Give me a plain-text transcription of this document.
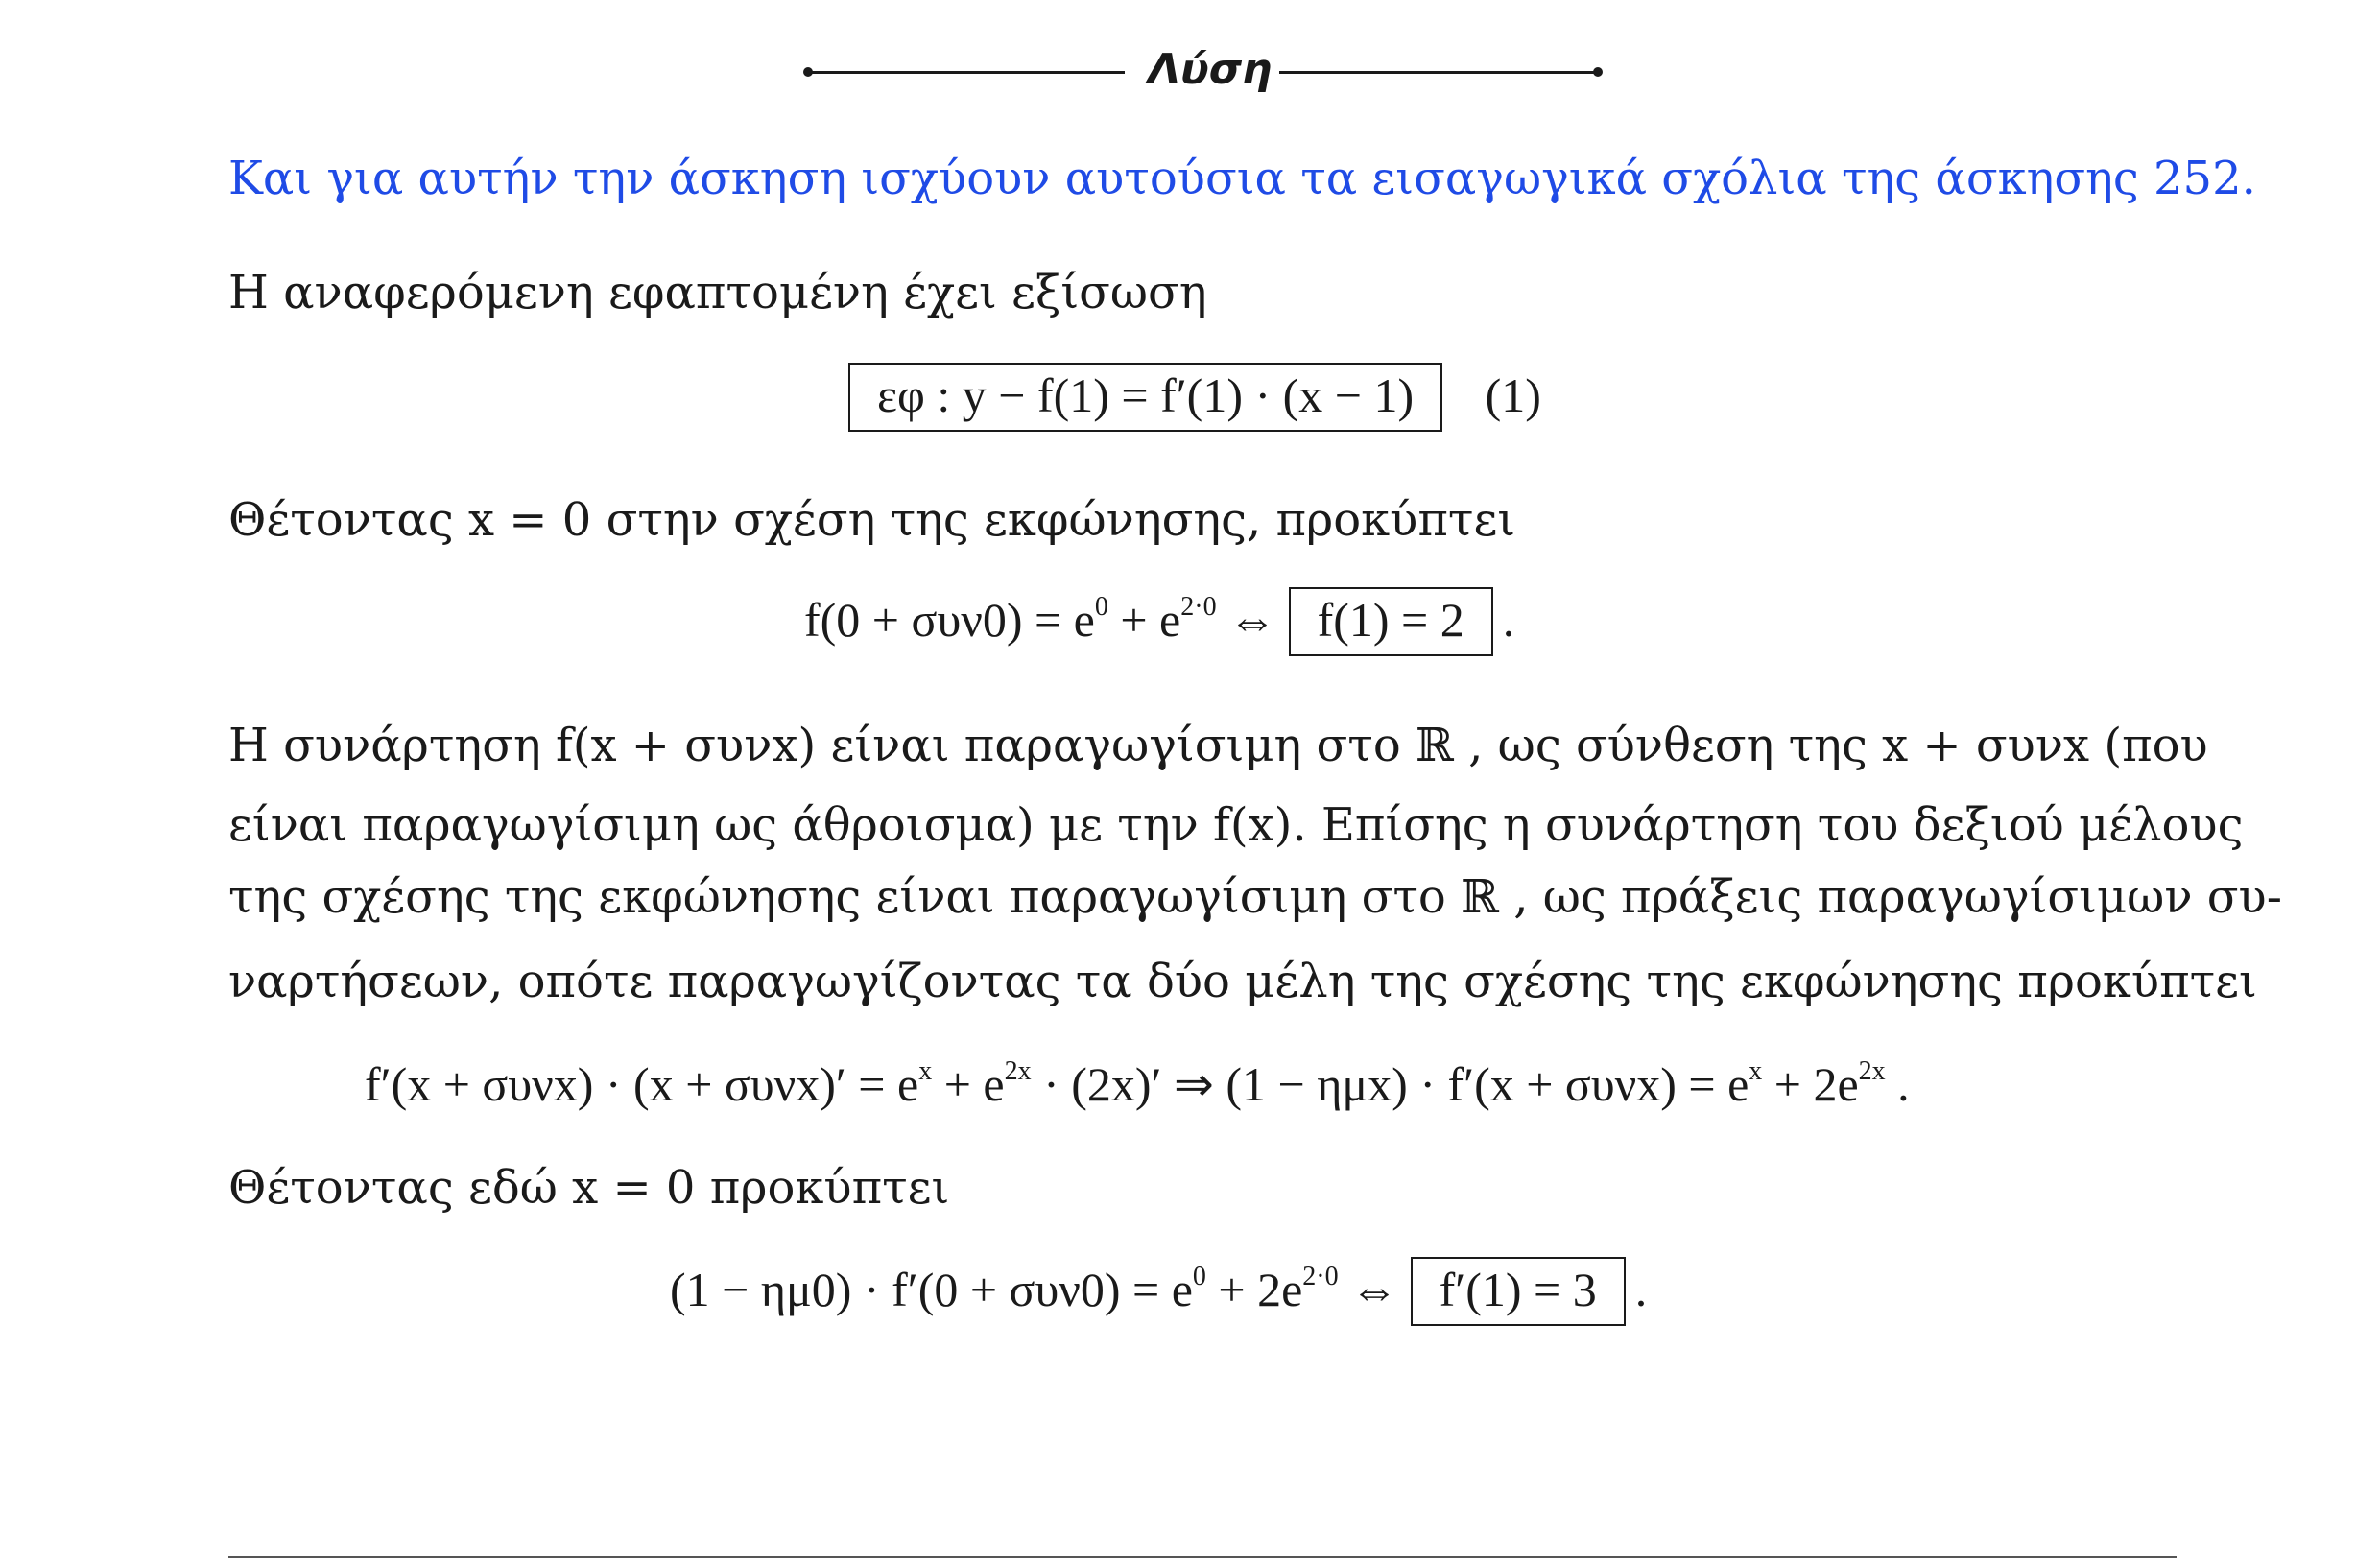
Λύση
Και για αυτήν την άσκηση ισχύουν αυτούσια τα εισαγωγικά σχόλια της άσκησης 252.
Η αναφερόμενη εφαπτομένη έχει εξίσωση
εφ : y − f(1) = f′(1) · (x − 1) (1)
Θέτοντας x = 0 στην σχέση της εκφώνησης, προκύπτει
$f(0 + \sigma\upsilon\nu 0) = e^0 + e^{2\cdot 0}$ ⇔ f(1) = 2 .
Η συνάρτηση f(x + συνx) είναι παραγωγίσιμη στο ℝ , ως σύνθεση της x + συνx (που
είναι παραγωγίσιμη ως άθροισμα) με την f(x). Επίσης η συνάρτηση του δεξιού μέλους
της σχέσης της εκφώνησης είναι παραγωγίσιμη στο ℝ , ως πράξεις παραγωγίσιμων συ-
ναρτήσεων, οπότε παραγωγίζοντας τα δύο μέλη της σχέσης της εκφώνησης προκύπτει
$f'(x + \sigma\upsilon\nu x) \cdot (x + \sigma\upsilon\nu x)' = e^x + e^{2x} \cdot (2x)'$ ⇒ $(1 - \eta\mu x) \cdot f'(x + \sigma\upsilon\nu x) = e^x + 2e^{2x}$ .
Θέτοντας εδώ x = 0 προκύπτει
$(1 - \eta\mu 0) \cdot f'(0 + \sigma\upsilon\nu 0) = e^0 + 2e^{2\cdot 0}$ ⇔ f′(1) = 3 .
